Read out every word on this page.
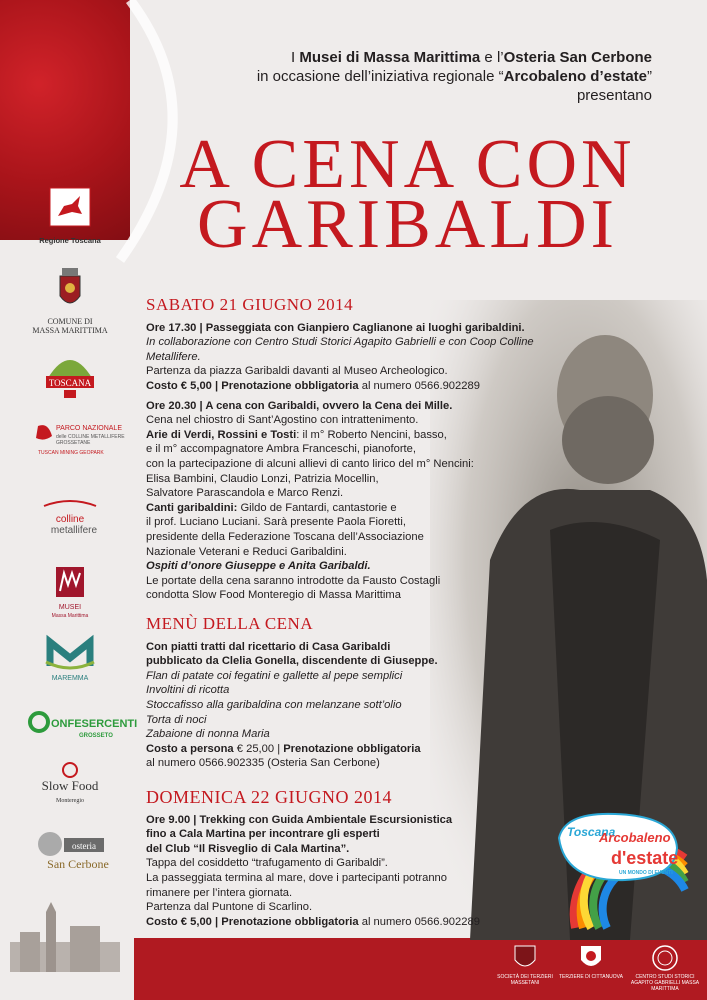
Regione Toscana
COMUNE DI
MASSA MARITTIMA
TOSCANA
PARCO NAZIONALE
delle COLLINE METALLIFERE
GROSSETANE
TUSCAN MINING GEOPARK
colline
metallifere
MUSEI
Massa Marittima
MAREMMA
ONFESERCENTI
GROSSETO
Slow Food
Monteregio
osteria
San Cerbone
I Musei di Massa Marittima e l’Osteria San Cerbone
in occasione dell’iniziativa regionale “Arcobaleno d’estate”
presentano
A CENA CON
GARIBALDI
SABATO 21 GIUGNO 2014
Ore 17.30 | Passeggiata con Gianpiero Caglianone ai luoghi garibaldini.
In collaborazione con Centro Studi Storici Agapito Gabrielli e con Coop Colline Metallifere.
Partenza da piazza Garibaldi davanti al Museo Archeologico.
Costo € 5,00 | Prenotazione obbligatoria al numero 0566.902289
Ore 20.30 | A cena con Garibaldi, ovvero la Cena dei Mille.
Cena nel chiostro di Sant’Agostino con intrattenimento.
Arie di Verdi, Rossini e Tosti: il m° Roberto Nencini, basso,
e il m° accompagnatore Ambra Franceschi, pianoforte,
con la partecipazione di alcuni allievi di canto lirico del m° Nencini:
Elisa Bambini, Claudio Lonzi, Patrizia Mocellin,
Salvatore Parascandola e Marco Renzi.
Canti garibaldini: Gildo de Fantardi, cantastorie e
il prof. Luciano Luciani. Sarà presente Paola Fioretti,
presidente della Federazione Toscana dell’Associazione
Nazionale Veterani e Reduci Garibaldini.
Ospiti d’onore Giuseppe e Anita Garibaldi.
Le portate della cena saranno introdotte da Fausto Costagli
condotta Slow Food Monteregio di Massa Marittima
MENÙ DELLA CENA
Con piatti tratti dal ricettario di Casa Garibaldi
pubblicato da Clelia Gonella, discendente di Giuseppe.
Flan di patate coi fegatini e gallette al pepe semplici
Involtini di ricotta
Stoccafisso alla garibaldina con melanzane sott’olio
Torta di noci
Zabaione di nonna Maria
Costo a persona € 25,00 | Prenotazione obbligatoria
al numero 0566.902335 (Osteria San Cerbone)
DOMENICA 22 GIUGNO 2014
Ore 9.00 | Trekking con Guida Ambientale Escursionistica
fino a Cala Martina per incontrare gli esperti
del Club “Il Risveglio di Cala Martina”.
Tappa del cosiddetto “trafugamento di Garibaldi”.
La passeggiata termina al mare, dove i partecipanti potranno
rimanere per l’intera giornata.
Partenza dal Puntone di Scarlino.
Costo € 5,00 | Prenotazione obbligatoria al numero 0566.902289
Toscana
Arcobaleno
d'estate
UN MONDO DI EVENTI
SOCIETÀ DEI TERZIERI MASSETANI
TERZIERE DI CITTANUOVA	CENTRO STUDI STORICI AGAPITO GABRIELLI MASSA MARITTIMA
